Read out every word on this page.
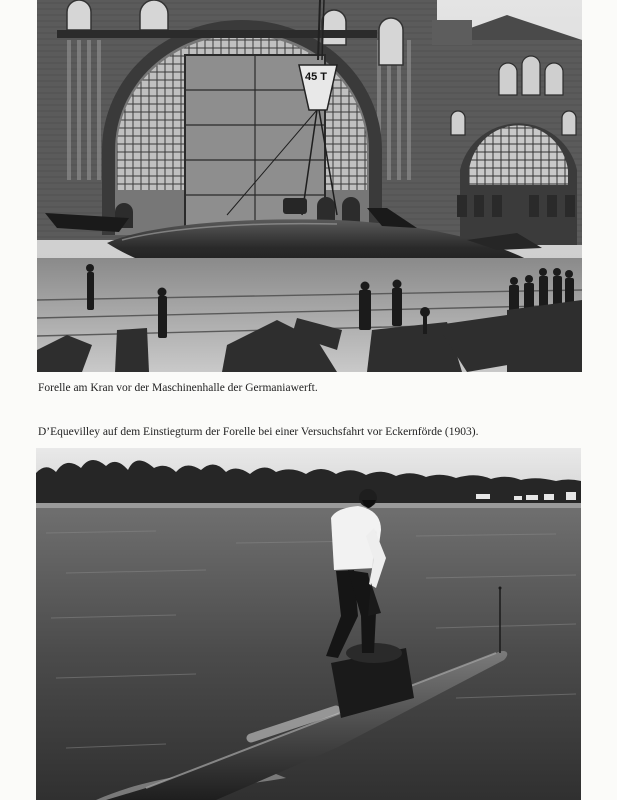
45 T
Forelle am Kran vor der Maschinenhalle der Germaniawerft.
D’Equevilley auf dem Einstiegturm der Forelle bei einer Versuchsfahrt vor Eckernförde (1903).
